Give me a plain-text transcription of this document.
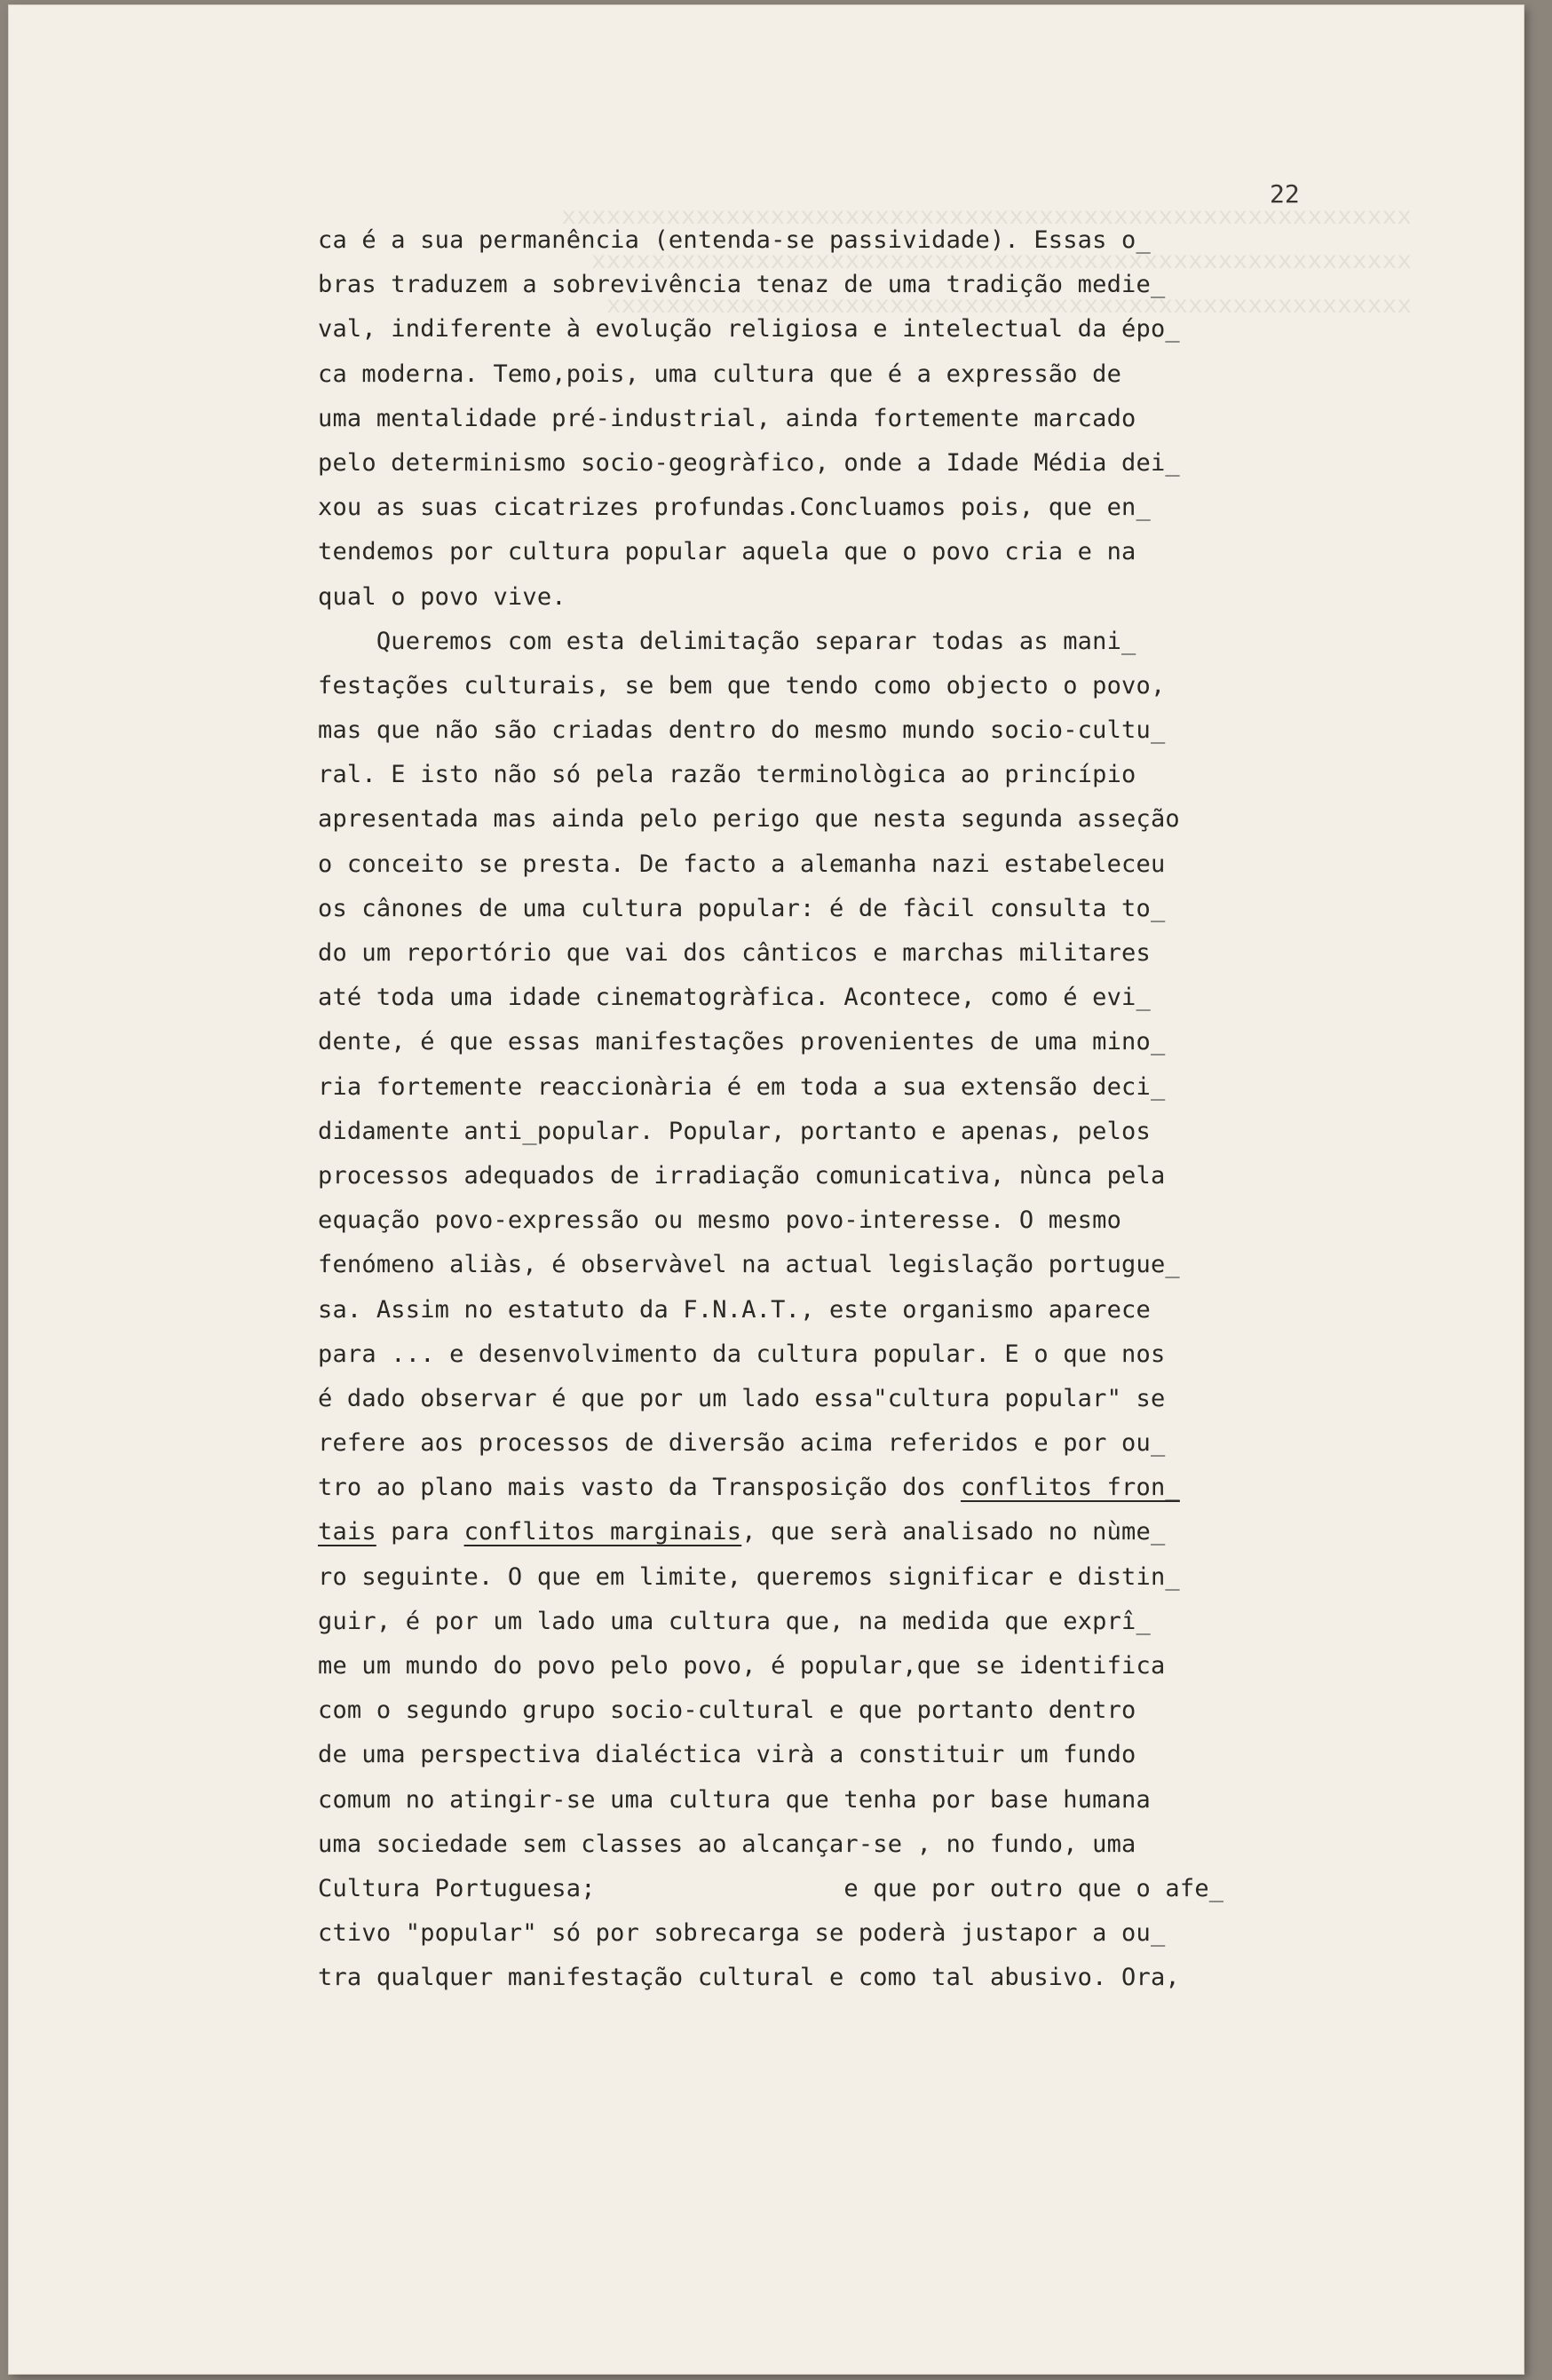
xxxxxxxxxxxxxxxxxxxxxxxxxxxxxxxxxxxxxxxxxxxxxxxxxxxxxxxxx
xxxxxxxxxxxxxxxxxxxxxxxxxxxxxxxxxxxxxxxxxxxxxxxxxxxxxxx
xxxxxxxxxxxxxxxxxxxxxxxxxxxxxxxxxxxxxxxxxxxxxxxxxxxxxx
22
ca é a sua permanência (entenda-se passividade). Essas o_
bras traduzem a sobrevivência tenaz de uma tradição medie_
val, indiferente à evolução religiosa e intelectual da épo_
ca moderna. Temo,pois, uma cultura que é a expressão de
uma mentalidade pré-industrial, ainda fortemente marcado
pelo determinismo socio-geogràfico, onde a Idade Média dei_
xou as suas cicatrizes profundas.Concluamos pois, que en_
tendemos por cultura popular aquela que o povo cria e na
qual o povo vive.
Queremos com esta delimitação separar todas as mani_
festações culturais, se bem que tendo como objecto o povo,
mas que não são criadas dentro do mesmo mundo socio-cultu_
ral. E isto não só pela razão terminològica ao princípio
apresentada mas ainda pelo perigo que nesta segunda asseção
o conceito se presta. De facto a alemanha nazi estabeleceu
os cânones de uma cultura popular: é de fàcil consulta to_
do um reportório que vai dos cânticos e marchas militares
até toda uma idade cinematogràfica. Acontece, como é evi_
dente, é que essas manifestações provenientes de uma mino_
ria fortemente reaccionària é em toda a sua extensão deci_
didamente anti_popular. Popular, portanto e apenas, pelos
processos adequados de irradiação comunicativa, nùnca pela
equação povo-expressão ou mesmo povo-interesse. O mesmo
fenómeno aliàs, é observàvel na actual legislação portugue_
sa. Assim no estatuto da F.N.A.T., este organismo aparece
para ... e desenvolvimento da cultura popular. E o que nos
é dado observar é que por um lado essa"cultura popular" se
refere aos processos de diversão acima referidos e por ou_
tro ao plano mais vasto da Transposição dos conflitos fron_
tais para conflitos marginais, que serà analisado no nùme_
ro seguinte. O que em limite, queremos significar e distin_
guir, é por um lado uma cultura que, na medida que exprî_
me um mundo do povo pelo povo, é popular,que se identifica
com o segundo grupo socio-cultural e que portanto dentro
de uma perspectiva dialéctica virà a constituir um fundo
comum no atingir-se uma cultura que tenha por base humana
uma sociedade sem classes ao alcançar-se , no fundo, uma
Cultura Portuguesa;                 e que por outro que o afe_
ctivo "popular" só por sobrecarga se poderà justapor a ou_
tra qualquer manifestação cultural e como tal abusivo. Ora,
